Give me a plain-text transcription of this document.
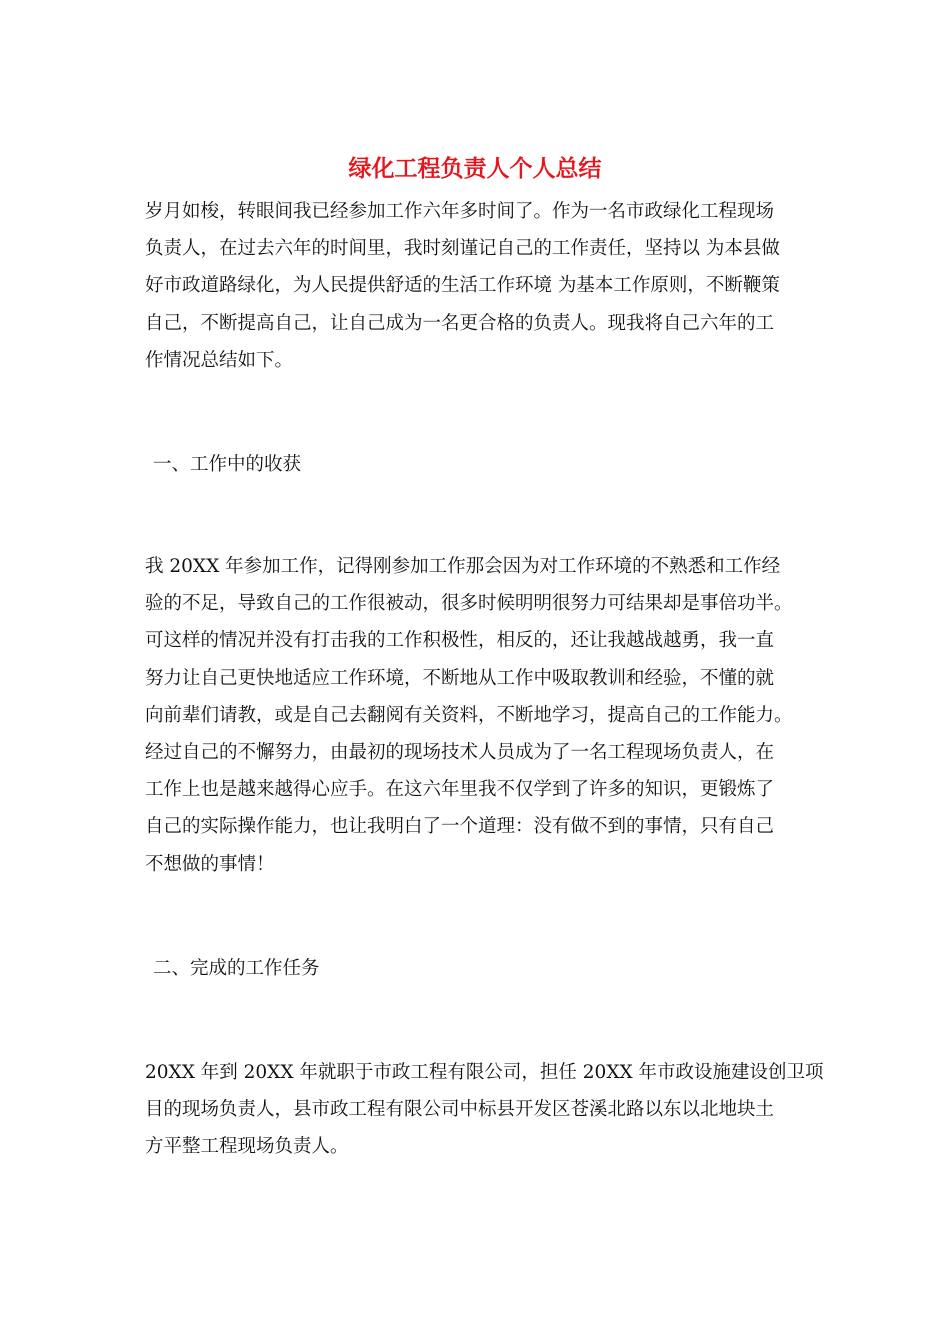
绿化工程负责人个人总结
岁月如梭，转眼间我已经参加工作六年多时间了。作为一名市政绿化工程现场
负责人，在过去六年的时间里，我时刻谨记自己的工作责任，坚持以 为本县做
好市政道路绿化，为人民提供舒适的生活工作环境 为基本工作原则，不断鞭策
自己，不断提高自己，让自己成为一名更合格的负责人。现我将自己六年的工
作情况总结如下。
一、工作中的收获
我 20XX 年参加工作，记得刚参加工作那会因为对工作环境的不熟悉和工作经
验的不足，导致自己的工作很被动，很多时候明明很努力可结果却是事倍功半。
可这样的情况并没有打击我的工作积极性，相反的，还让我越战越勇，我一直
努力让自己更快地适应工作环境，不断地从工作中吸取教训和经验，不懂的就
向前辈们请教，或是自己去翻阅有关资料，不断地学习，提高自己的工作能力。
经过自己的不懈努力，由最初的现场技术人员成为了一名工程现场负责人，在
工作上也是越来越得心应手。在这六年里我不仅学到了许多的知识，更锻炼了
自己的实际操作能力，也让我明白了一个道理：没有做不到的事情，只有自己
不想做的事情！
二、完成的工作任务
20XX 年到 20XX 年就职于市政工程有限公司，担任 20XX 年市政设施建设创卫项
目的现场负责人，县市政工程有限公司中标县开发区苍溪北路以东以北地块土
方平整工程现场负责人。
